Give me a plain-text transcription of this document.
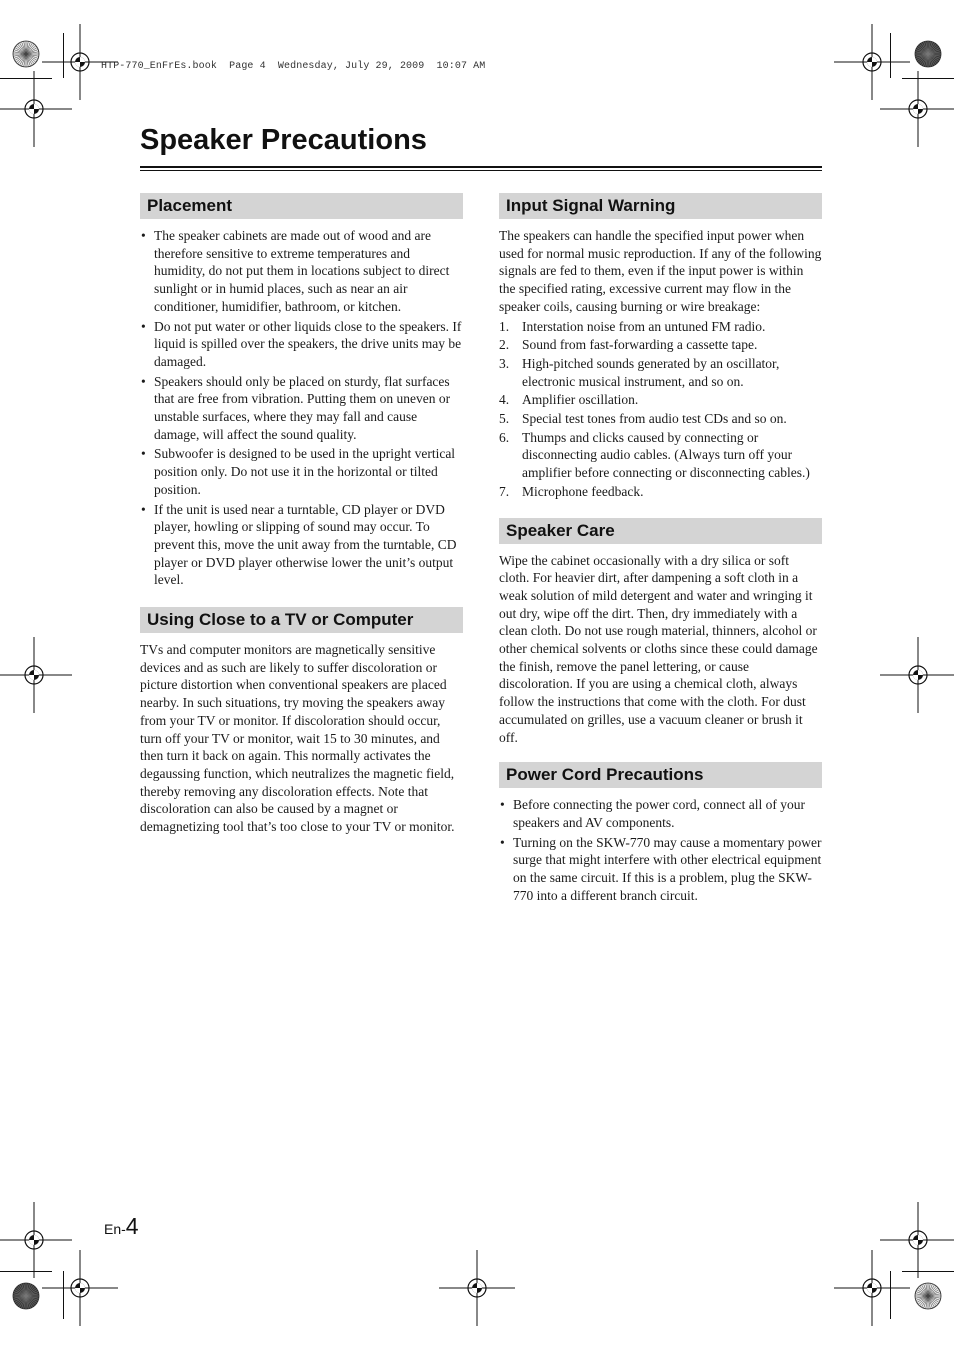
HTP-770_EnFrEs.book  Page 4  Wednesday, July 29, 2009  10:07 AM
Speaker Precautions
Placement
• The speaker cabinets are made out of wood and are therefore sensitive to extreme temperatures and humidity, do not put them in locations subject to direct sunlight or in humid places, such as near an air conditioner, humidifier, bathroom, or kitchen.
• Do not put water or other liquids close to the speakers. If liquid is spilled over the speakers, the drive units may be damaged.
• Speakers should only be placed on sturdy, flat surfaces that are free from vibration. Putting them on uneven or unstable surfaces, where they may fall and cause damage, will affect the sound quality.
• Subwoofer is designed to be used in the upright vertical position only. Do not use it in the horizontal or tilted position.
• If the unit is used near a turntable, CD player or DVD player, howling or slipping of sound may occur. To prevent this, move the unit away from the turntable, CD player or DVD player otherwise lower the unit’s output level.
Using Close to a TV or Computer

TVs and computer monitors are magnetically sensitive devices and as such are likely to suffer discoloration or picture distortion when conventional speakers are placed nearby. In such situations, try moving the speakers away from your TV or monitor. If discoloration should occur, turn off your TV or monitor, wait 15 to 30 minutes, and then turn it back on again. This normally activates the degaussing function, which neutralizes the magnetic field, thereby removing any discoloration effects. Note that discoloration can also be caused by a magnet or demagnetizing tool that’s too close to your TV or monitor.

Input Signal Warning

The speakers can handle the specified input power when used for normal music reproduction. If any of the following signals are fed to them, even if the input power is within the specified rating, excessive current may flow in the speaker coils, causing burning or wire breakage:

1. Interstation noise from an untuned FM radio.
2. Sound from fast-forwarding a cassette tape.
3. High-pitched sounds generated by an oscillator, electronic musical instrument, and so on.
4. Amplifier oscillation.
5. Special test tones from audio test CDs and so on.
6. Thumps and clicks caused by connecting or disconnecting audio cables. (Always turn off your amplifier before connecting or disconnecting cables.)
7. Microphone feedback.
Speaker Care

Wipe the cabinet occasionally with a dry silica or soft cloth. For heavier dirt, after dampening a soft cloth in a weak solution of mild detergent and water and wringing it out dry, wipe off the dirt. Then, dry immediately with a clean cloth. Do not use rough material, thinners, alcohol or other chemical solvents or cloths since these could damage the finish, remove the panel lettering, or cause discoloration. If you are using a chemical cloth, always follow the instructions that come with the cloth. For dust accumulated on grilles, use a vacuum cleaner or brush it off.

Power Cord Precautions
• Before connecting the power cord, connect all of your speakers and AV components.
• Turning on the SKW-770 may cause a momentary power surge that might interfere with other electrical equipment on the same circuit. If this is a problem, plug the SKW-770 into a different branch circuit.
En-4
